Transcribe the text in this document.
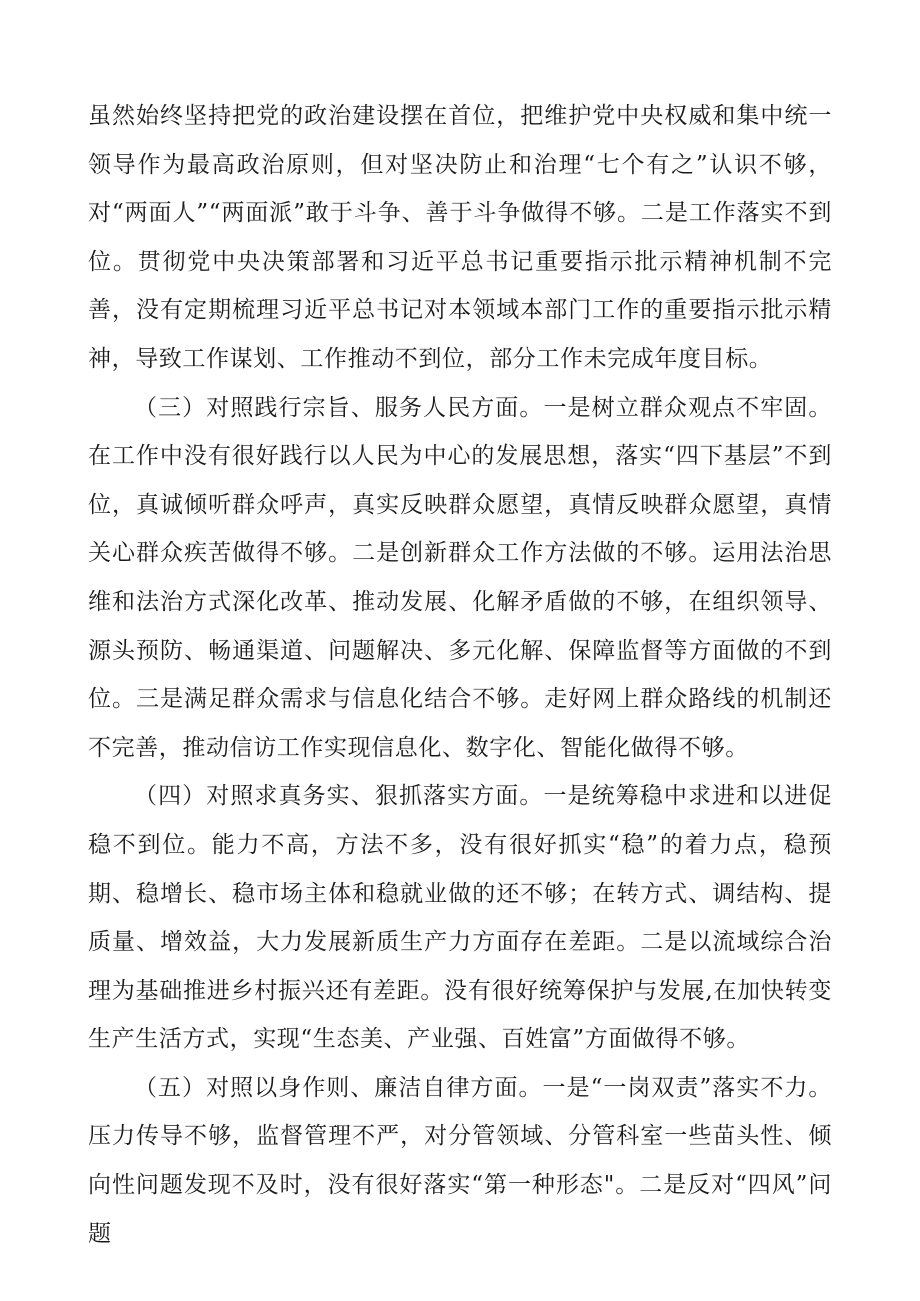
虽然始终坚持把党的政治建设摆在首位，把维护党中央权威和集中统一领导作为最高政治原则，但对坚决防止和治理“七个有之”认识不够，对“两面人”“两面派”敢于斗争、善于斗争做得不够。二是工作落实不到位。贯彻党中央决策部署和习近平总书记重要指示批示精神机制不完善，没有定期梳理习近平总书记对本领域本部门工作的重要指示批示精神，导致工作谋划、工作推动不到位，部分工作未完成年度目标。

（三）对照践行宗旨、服务人民方面。一是树立群众观点不牢固。在工作中没有很好践行以人民为中心的发展思想，落实“四下基层”不到位，真诚倾听群众呼声，真实反映群众愿望，真情反映群众愿望，真情关心群众疾苦做得不够。二是创新群众工作方法做的不够。运用法治思维和法治方式深化改革、推动发展、化解矛盾做的不够，在组织领导、源头预防、畅通渠道、问题解决、多元化解、保障监督等方面做的不到位。三是满足群众需求与信息化结合不够。走好网上群众路线的机制还不完善，推动信访工作实现信息化、数字化、智能化做得不够。

（四）对照求真务实、狠抓落实方面。一是统筹稳中求进和以进促稳不到位。能力不高，方法不多，没有很好抓实“稳”的着力点，稳预期、稳增长、稳市场主体和稳就业做的还不够；在转方式、调结构、提质量、增效益，大力发展新质生产力方面存在差距。二是以流域综合治理为基础推进乡村振兴还有差距。没有很好统筹保护与发展,在加快转变生产生活方式，实现“生态美、产业强、百姓富”方面做得不够。

（五）对照以身作则、廉洁自律方面。一是“一岗双责”落实不力。压力传导不够，监督管理不严，对分管领域、分管科室一些苗头性、倾向性问题发现不及时，没有很好落实“第一种形态"。二是反对“四风”问题
